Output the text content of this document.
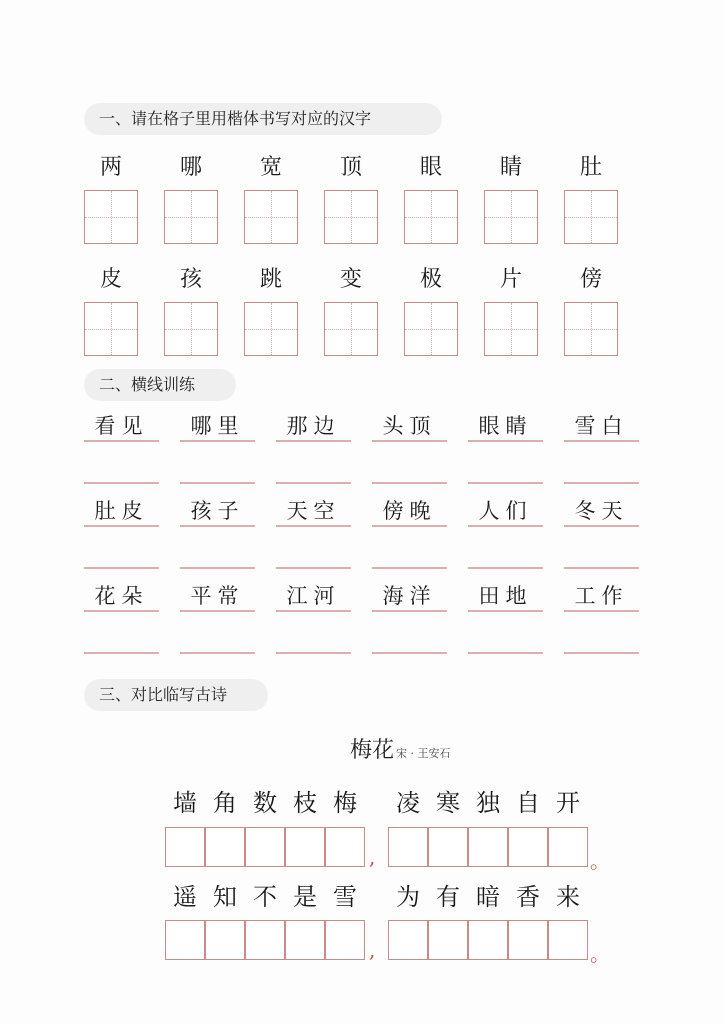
一、请在格子里用楷体书写对应的汉字
两	哪	宽	顶	眼	睛	肚
皮	孩	跳	变	极	片	傍
二、横线训练
看见	哪里	那边	头顶	眼睛	雪白
肚皮	孩子	天空	傍晚	人们	冬天
花朵	平常	江河	海洋	田地	工作
三、对比临写古诗
梅花 宋 · 王安石
墙 角 数 枝 梅	凌 寒 独 自 开
,	。
遥 知 不 是 雪	为 有 暗 香 来
,	。
